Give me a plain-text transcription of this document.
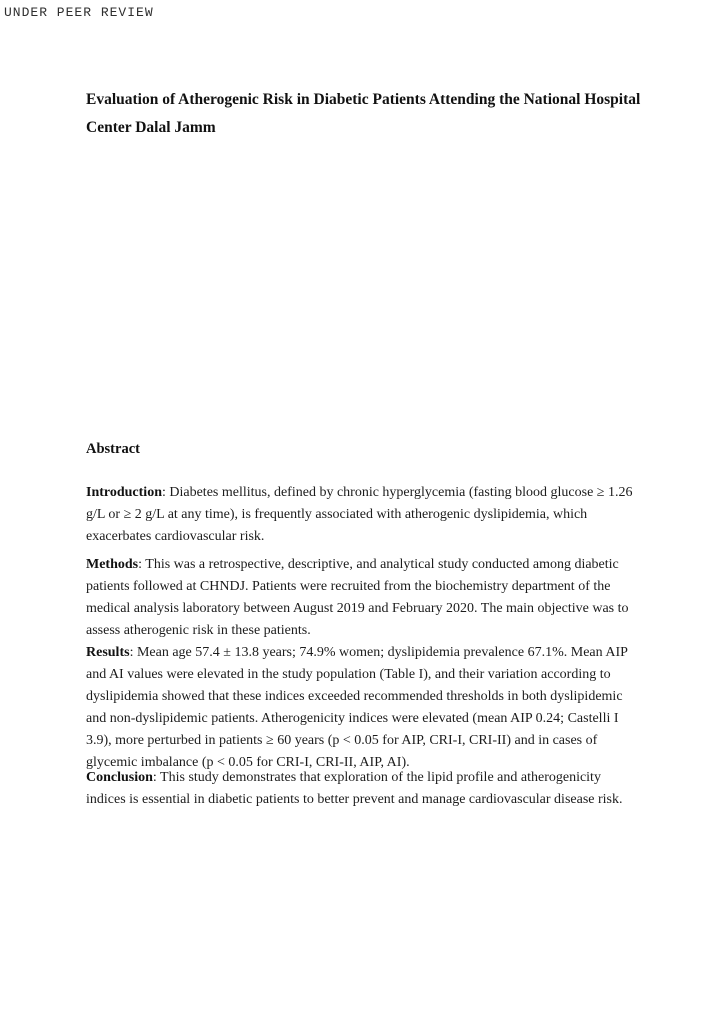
UNDER PEER REVIEW
Evaluation of Atherogenic Risk in Diabetic Patients Attending the National Hospital Center Dalal Jamm
Abstract

Introduction: Diabetes mellitus, defined by chronic hyperglycemia (fasting blood glucose ≥ 1.26 g/L or ≥ 2 g/L at any time), is frequently associated with atherogenic dyslipidemia, which exacerbates cardiovascular risk.

Methods: This was a retrospective, descriptive, and analytical study conducted among diabetic patients followed at CHNDJ. Patients were recruited from the biochemistry department of the medical analysis laboratory between August 2019 and February 2020. The main objective was to assess atherogenic risk in these patients.

Results: Mean age 57.4 ± 13.8 years; 74.9% women; dyslipidemia prevalence 67.1%. Mean AIP and AI values were elevated in the study population (Table I), and their variation according to dyslipidemia showed that these indices exceeded recommended thresholds in both dyslipidemic and non-dyslipidemic patients. Atherogenicity indices were elevated (mean AIP 0.24; Castelli I 3.9), more perturbed in patients ≥ 60 years (p < 0.05 for AIP, CRI-I, CRI-II) and in cases of glycemic imbalance (p < 0.05 for CRI-I, CRI-II, AIP, AI).

Conclusion: This study demonstrates that exploration of the lipid profile and atherogenicity indices is essential in diabetic patients to better prevent and manage cardiovascular disease risk.
